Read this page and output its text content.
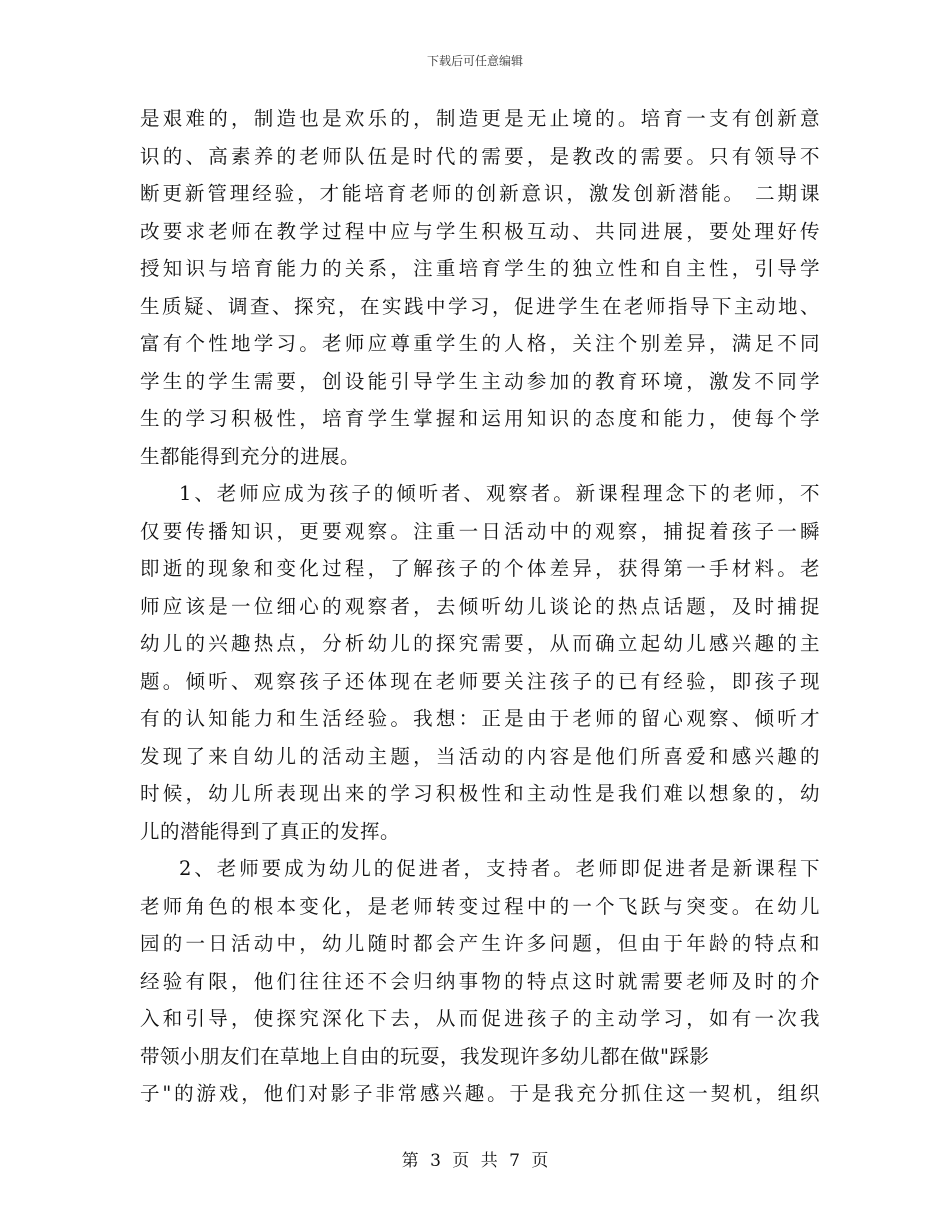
下载后可任意编辑
是艰难的，制造也是欢乐的，制造更是无止境的。培育一支有创新意
识的、高素养的老师队伍是时代的需要，是教改的需要。只有领导不
断更新管理经验，才能培育老师的创新意识，激发创新潜能。 二期课
改要求老师在教学过程中应与学生积极互动、共同进展，要处理好传
授知识与培育能力的关系，注重培育学生的独立性和自主性，引导学
生质疑、调查、探究，在实践中学习，促进学生在老师指导下主动地、
富有个性地学习。老师应尊重学生的人格，关注个别差异，满足不同
学生的学生需要，创设能引导学生主动参加的教育环境，激发不同学
生的学习积极性，培育学生掌握和运用知识的态度和能力，使每个学
生都能得到充分的进展。
1、老师应成为孩子的倾听者、观察者。新课程理念下的老师，不
仅要传播知识，更要观察。注重一日活动中的观察，捕捉着孩子一瞬
即逝的现象和变化过程，了解孩子的个体差异，获得第一手材料。老
师应该是一位细心的观察者，去倾听幼儿谈论的热点话题，及时捕捉
幼儿的兴趣热点，分析幼儿的探究需要，从而确立起幼儿感兴趣的主
题。倾听、观察孩子还体现在老师要关注孩子的已有经验，即孩子现
有的认知能力和生活经验。我想：正是由于老师的留心观察、倾听才
发现了来自幼儿的活动主题，当活动的内容是他们所喜爱和感兴趣的
时候，幼儿所表现出来的学习积极性和主动性是我们难以想象的，幼
儿的潜能得到了真正的发挥。
2、老师要成为幼儿的促进者，支持者。老师即促进者是新课程下
老师角色的根本变化，是老师转变过程中的一个飞跃与突变。在幼儿
园的一日活动中，幼儿随时都会产生许多问题，但由于年龄的特点和
经验有限，他们往往还不会归纳事物的特点这时就需要老师及时的介
入和引导，使探究深化下去，从而促进孩子的主动学习，如有一次我
带领小朋友们在草地上自由的玩耍，我发现许多幼儿都在做"踩影
子"的游戏，他们对影子非常感兴趣。于是我充分抓住这一契机，组织
第 3 页 共 7 页
